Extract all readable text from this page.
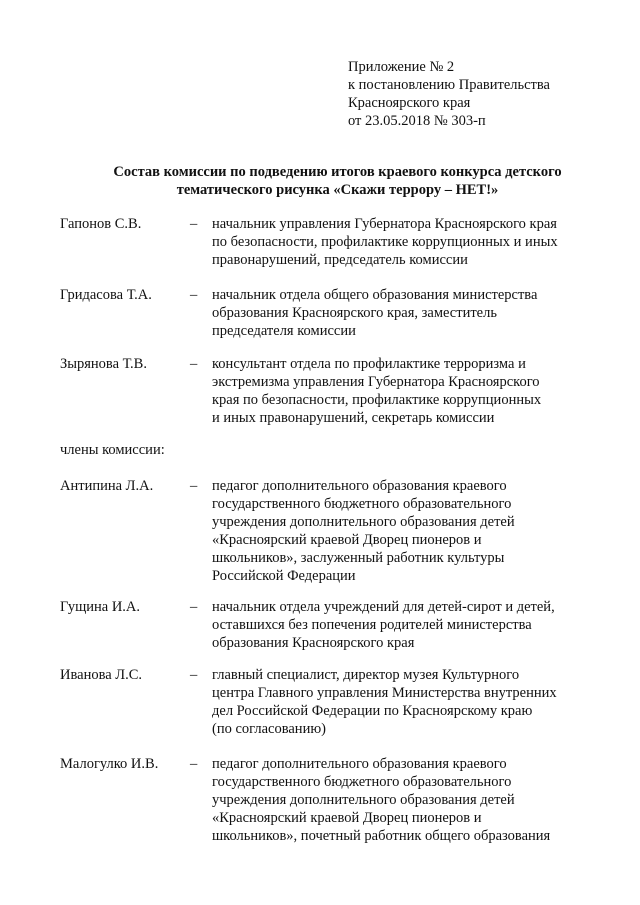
Приложение № 2
к постановлению Правительства
Красноярского края
от 23.05.2018 № 303-п
Состав комиссии по подведению итогов краевого конкурса детского
тематического рисунка «Скажи террору – НЕТ!»
Гапонов С.В.	– начальник управления Губернатора Красноярского края
по безопасности, профилактике коррупционных и иных
правонарушений, председатель комиссии
Гридасова Т.А.	– начальник отдела общего образования министерства
образования Красноярского края, заместитель
председателя комиссии
Зырянова Т.В.	– консультант отдела по профилактике терроризма и
экстремизма управления Губернатора Красноярского
края по безопасности, профилактике коррупционных
и иных правонарушений, секретарь комиссии
члены комиссии:
Антипина Л.А.	– педагог дополнительного образования краевого
государственного бюджетного образовательного
учреждения дополнительного образования детей
«Красноярский краевой Дворец пионеров и
школьников», заслуженный работник культуры
Российской Федерации
Гущина И.А.	– начальник отдела учреждений для детей-сирот и детей,
оставшихся без попечения родителей министерства
образования Красноярского края
Иванова Л.С.	– главный специалист, директор музея Культурного
центра Главного управления Министерства внутренних
дел Российской Федерации по Красноярскому краю
(по согласованию)
Малогулко И.В. – педагог дополнительного образования краевого
государственного бюджетного образовательного
учреждения дополнительного образования детей
«Красноярский краевой Дворец пионеров и
школьников», почетный работник общего образования
